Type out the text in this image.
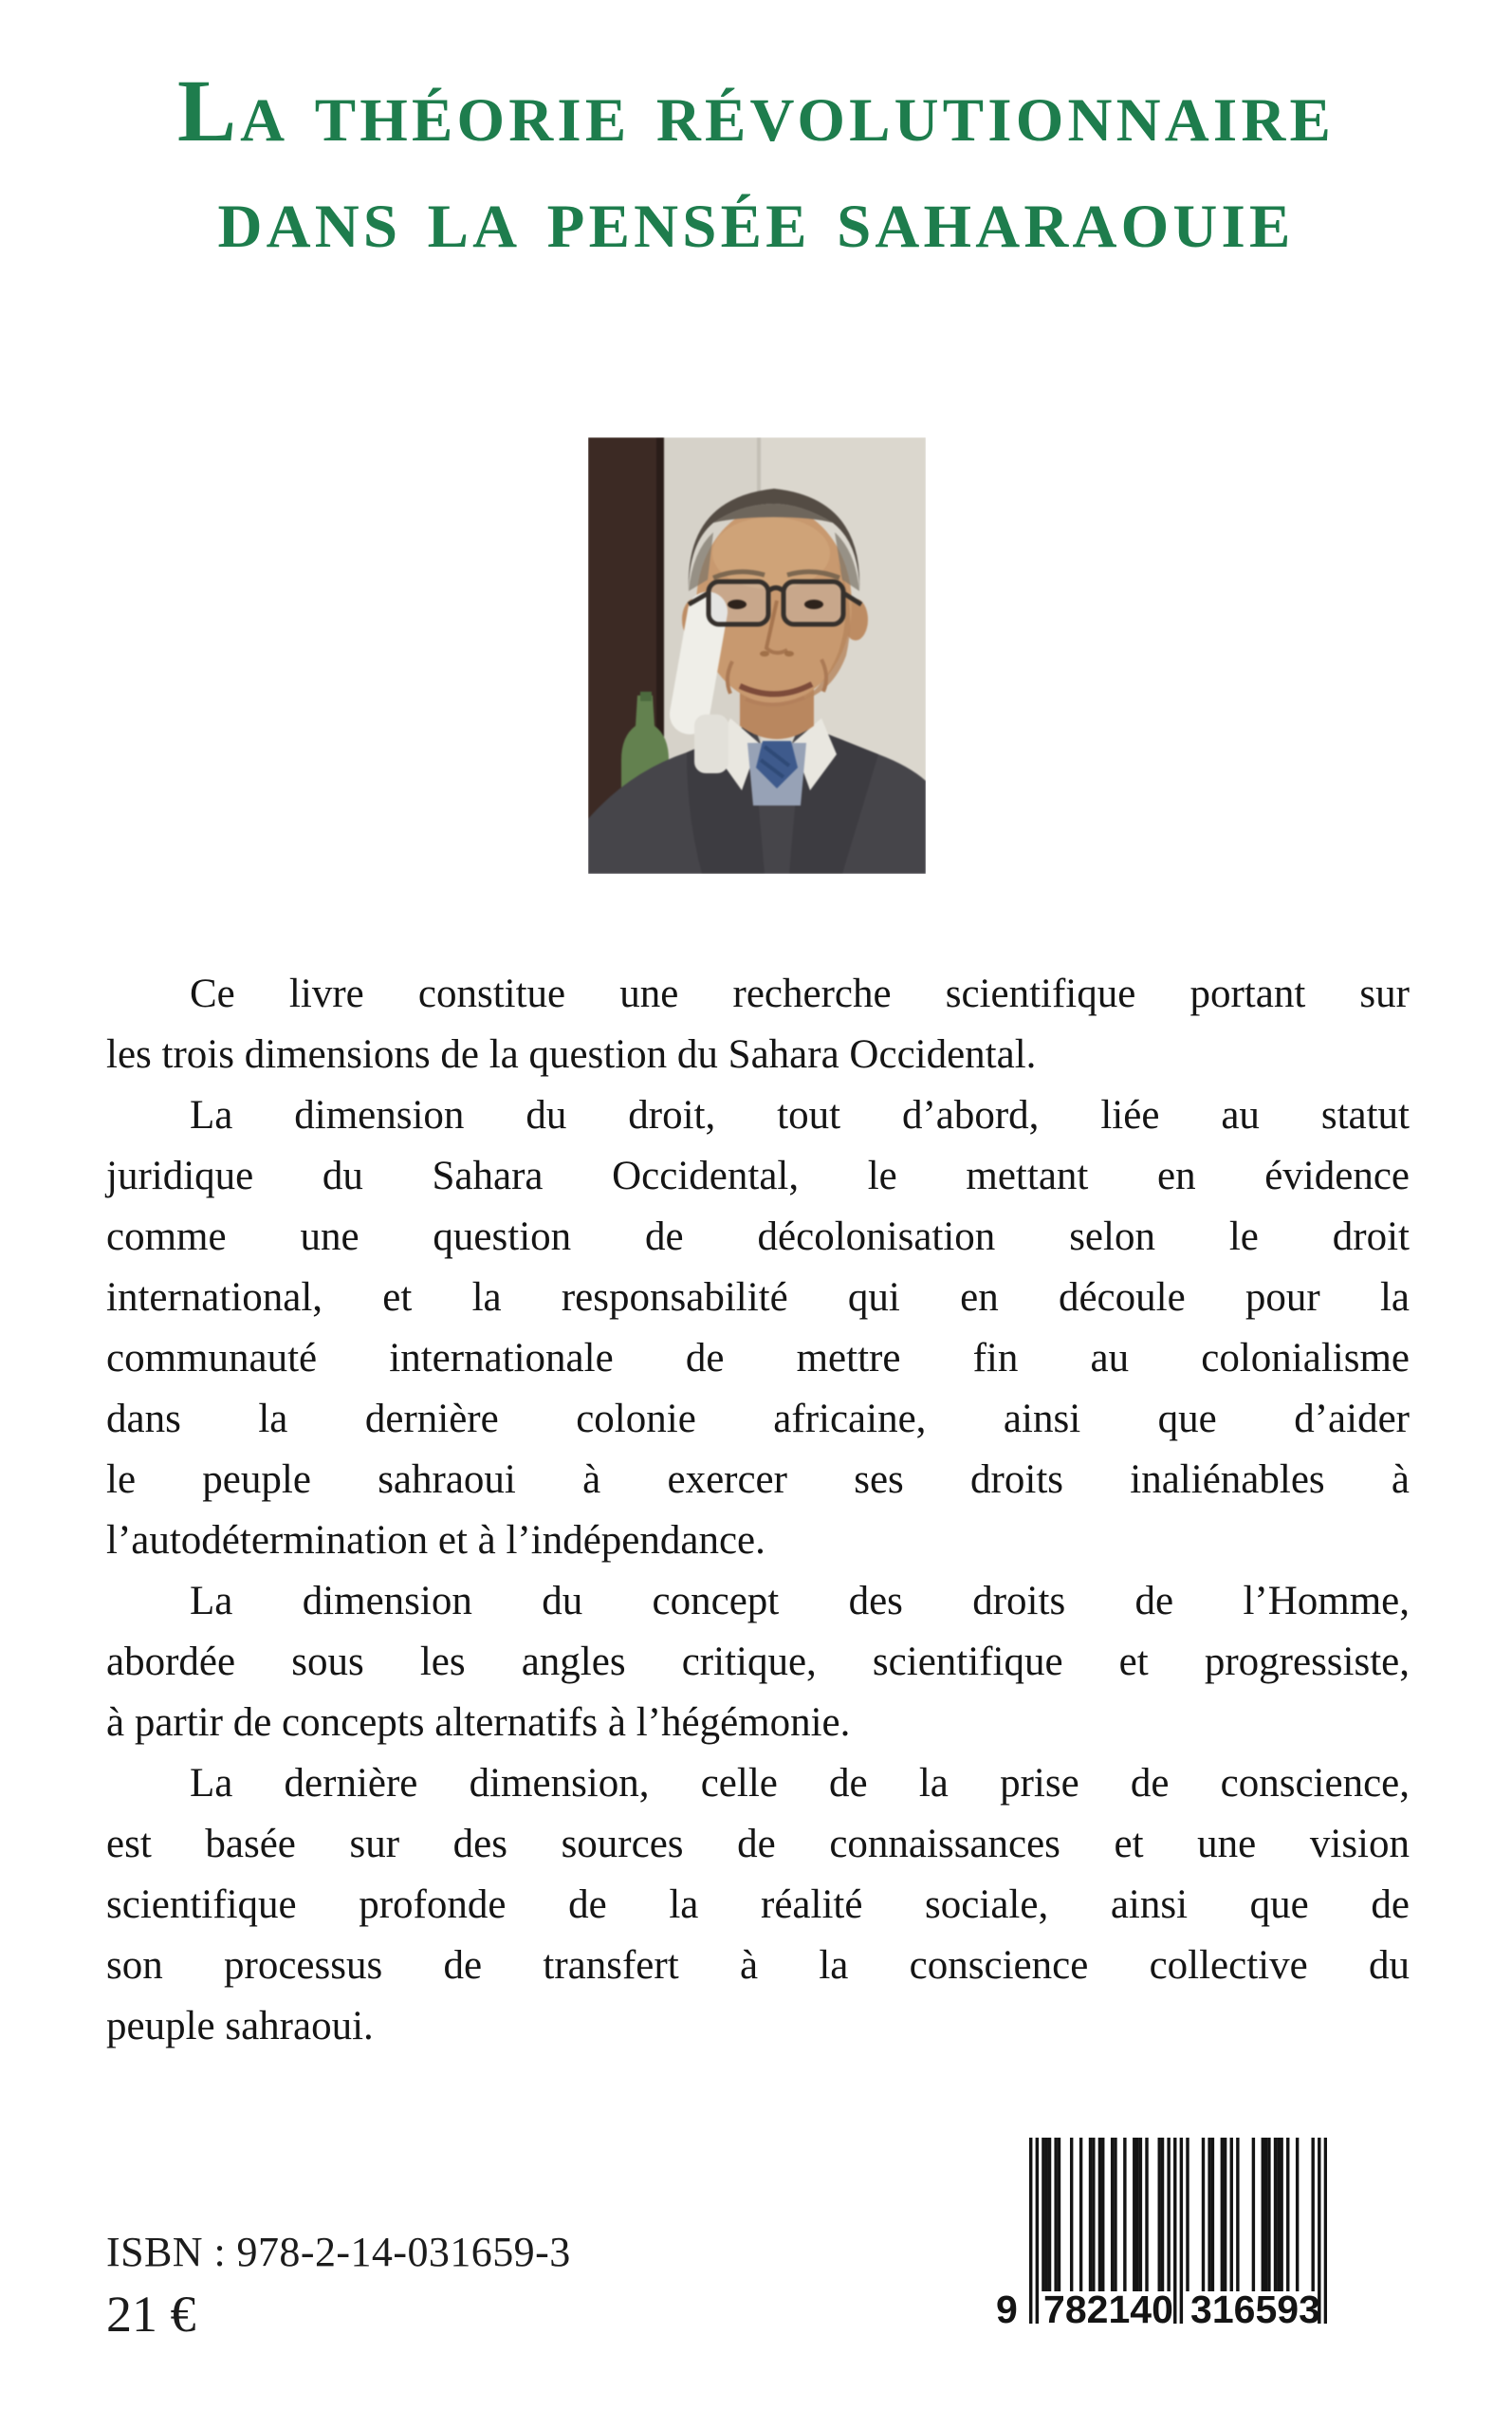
La théorie révolutionnaire
dans la pensée saharaouie
Ce livre constitue une recherche scientifique portant sur
les trois dimensions de la question du Sahara Occidental.
La dimension du droit, tout d’abord, liée au statut
juridique du Sahara Occidental, le mettant en évidence
comme une question de décolonisation selon le droit
international, et la responsabilité qui en découle pour la
communauté internationale de mettre fin au colonialisme
dans la dernière colonie africaine, ainsi que d’aider
le peuple sahraoui à exercer ses droits inaliénables à
l’autodétermination et à l’indépendance.
La dimension du concept des droits de l’Homme,
abordée sous les angles critique, scientifique et progressiste,
à partir de concepts alternatifs à l’hégémonie.
La dernière dimension, celle de la prise de conscience,
est basée sur des sources de connaissances et une vision
scientifique profonde de la réalité sociale, ainsi que de
son processus de transfert à la conscience collective du
peuple sahraoui.
ISBN : 978-2-14-031659-3
21 €	9 7 8 2 1 4 0 3 1 6 5 9 3
